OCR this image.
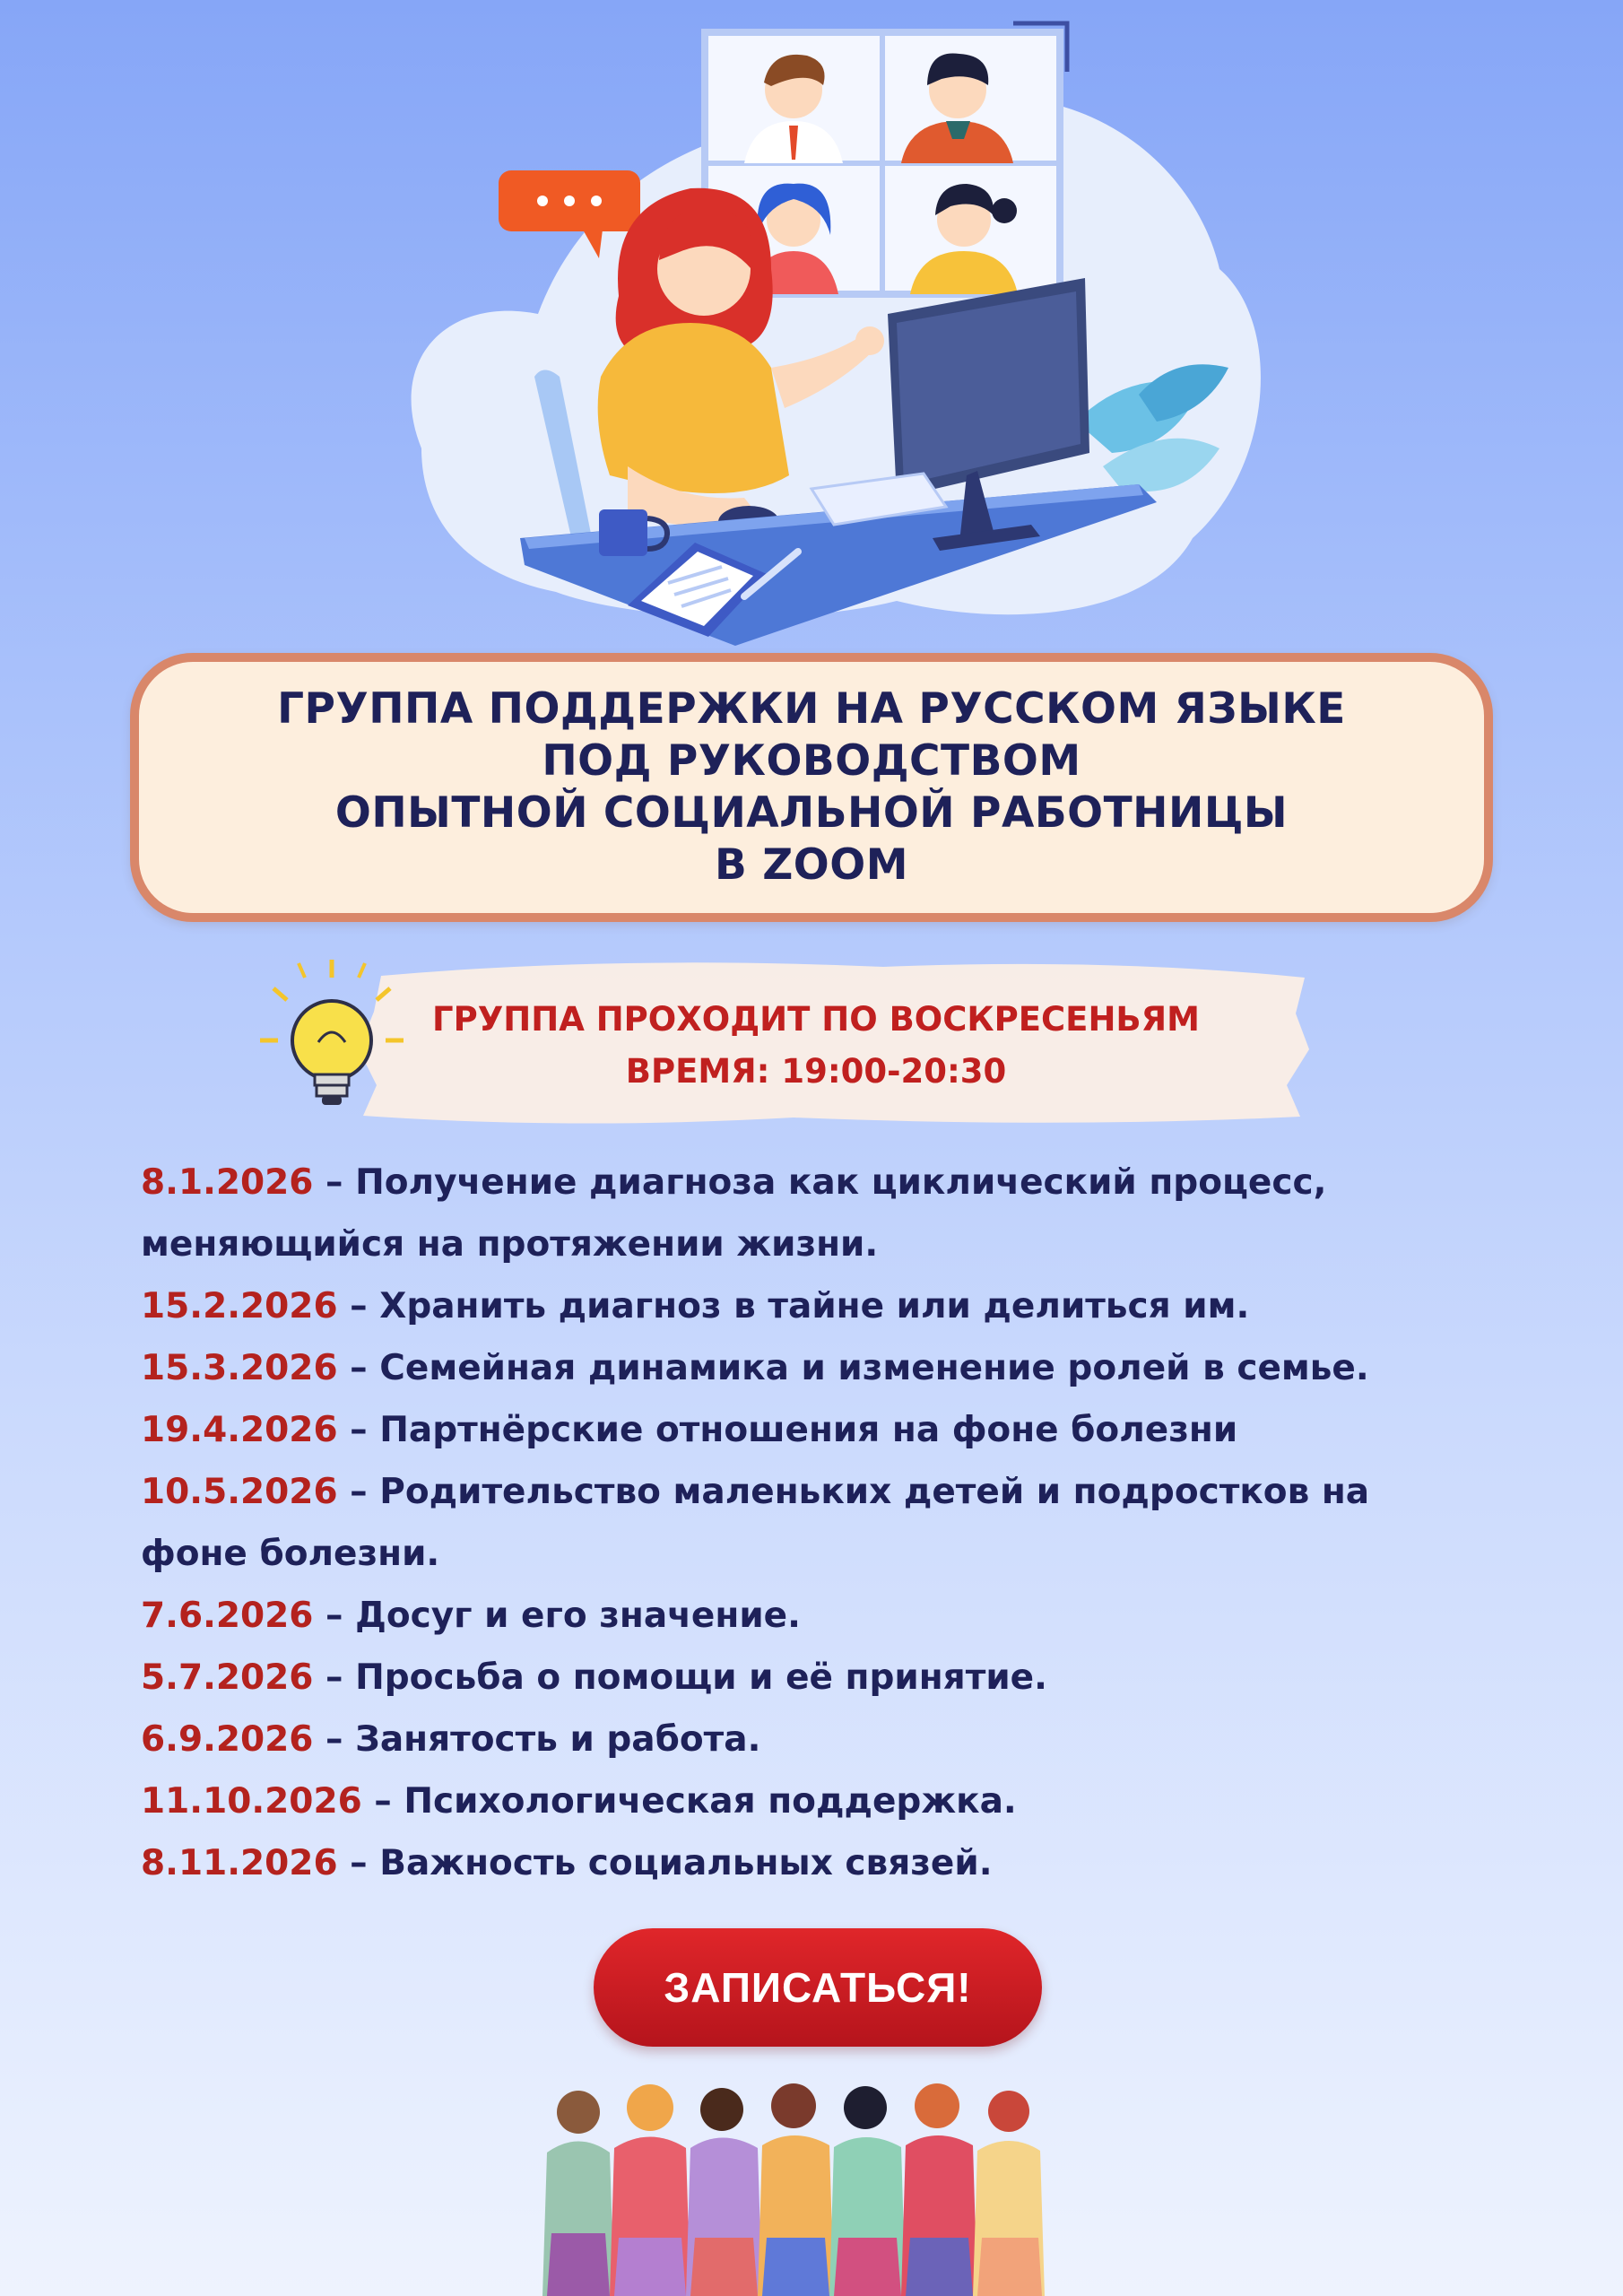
ГРУППА ПОДДЕРЖКИ НА РУССКОМ ЯЗЫКЕ
ПОД РУКОВОДСТВОМ
ОПЫТНОЙ СОЦИАЛЬНОЙ РАБОТНИЦЫ
В ZOOM
ГРУППА ПРОХОДИТ ПО ВОСКРЕСЕНЬЯМ
ВРЕМЯ: 19:00-20:30
8.1.2026 – Получение диагноза как циклический процесс,
меняющийся на протяжении жизни.
15.2.2026 – Хранить диагноз в тайне или делиться им.
15.3.2026 – Семейная динамика и изменение ролей в семье.
19.4.2026 – Партнёрские отношения на фоне болезни
10.5.2026 – Родительство маленьких детей и подростков на
фоне болезни.
7.6.2026 – Досуг и его значение.
5.7.2026 – Просьба о помощи и её принятие.
6.9.2026 – Занятость и работа.
11.10.2026 – Психологическая поддержка.
8.11.2026 – Важность социальных связей.
ЗАПИСАТЬСЯ!
